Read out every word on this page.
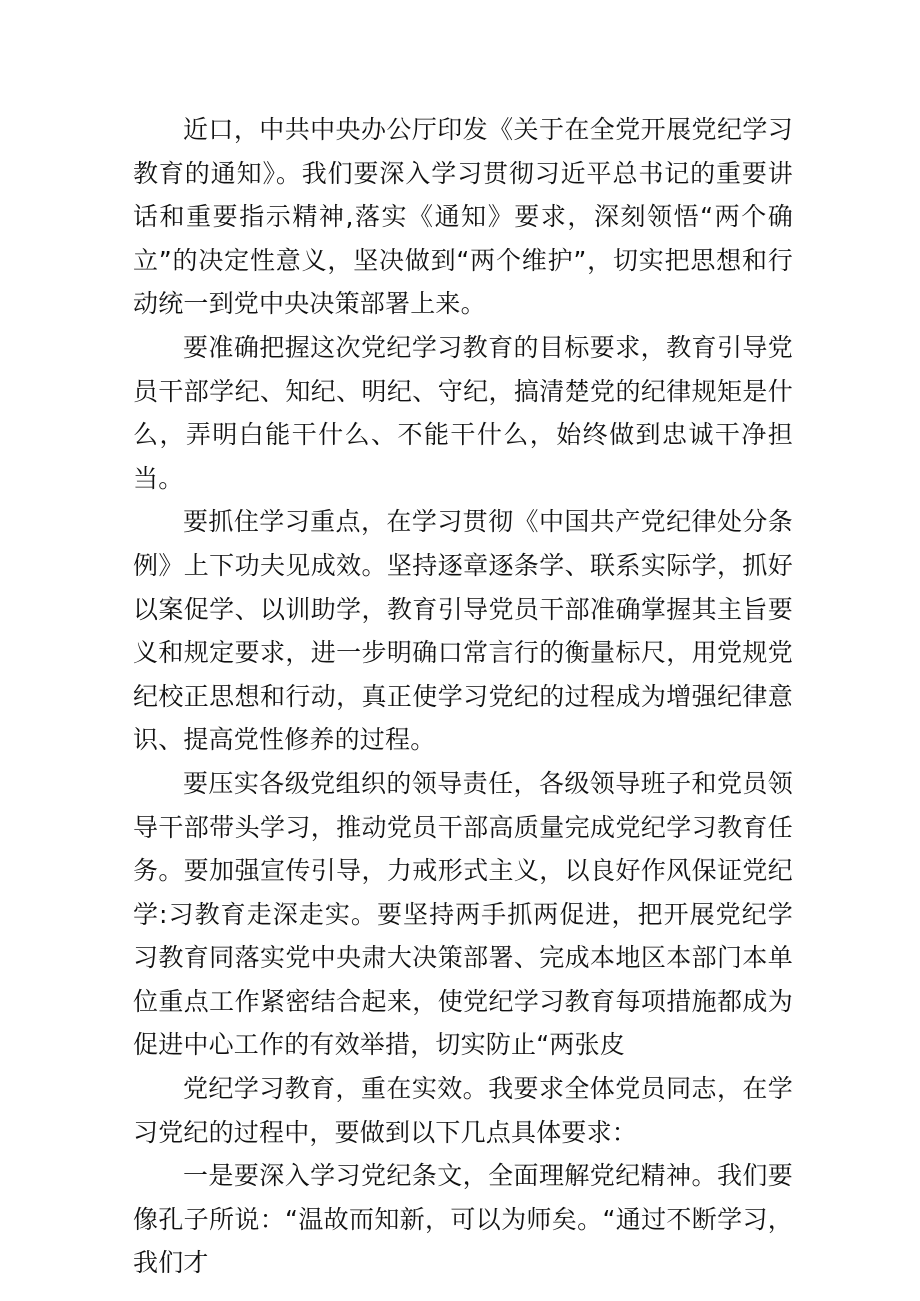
近口，中共中央办公厅印发《关于在全党开展党纪学习教育的通知》。我们要深入学习贯彻习近平总书记的重要讲话和重要指示精神,落实《通知》要求，深刻领悟“两个确立”的决定性意义，坚决做到“两个维护”，切实把思想和行动统一到党中央决策部署上来。

要准确把握这次党纪学习教育的目标要求，教育引导党员干部学纪、知纪、明纪、守纪，搞清楚党的纪律规矩是什么，弄明白能干什么、不能干什么，始终做到忠诚干净担当。

要抓住学习重点，在学习贯彻《中国共产党纪律处分条例》上下功夫见成效。坚持逐章逐条学、联系实际学，抓好以案促学、以训助学，教育引导党员干部准确掌握其主旨要义和规定要求，进一步明确口常言行的衡量标尺，用党规党纪校正思想和行动，真正使学习党纪的过程成为增强纪律意识、提高党性修养的过程。

要压实各级党组织的领导责任，各级领导班子和党员领导干部带头学习，推动党员干部高质量完成党纪学习教育任务。要加强宣传引导，力戒形式主义，以良好作风保证党纪学:习教育走深走实。要坚持两手抓两促进，把开展党纪学习教育同落实党中央肃大决策部署、完成本地区本部门本单位重点工作紧密结合起来，使党纪学习教育每项措施都成为促进中心工作的有效举措，切实防止“两张皮

党纪学习教育，重在实效。我要求全体党员同志，在学习党纪的过程中，要做到以下几点具体要求：

一是要深入学习党纪条文，全面理解党纪精神。我们要像孔子所说：“温故而知新，可以为师矣。“通过不断学习，我们才
